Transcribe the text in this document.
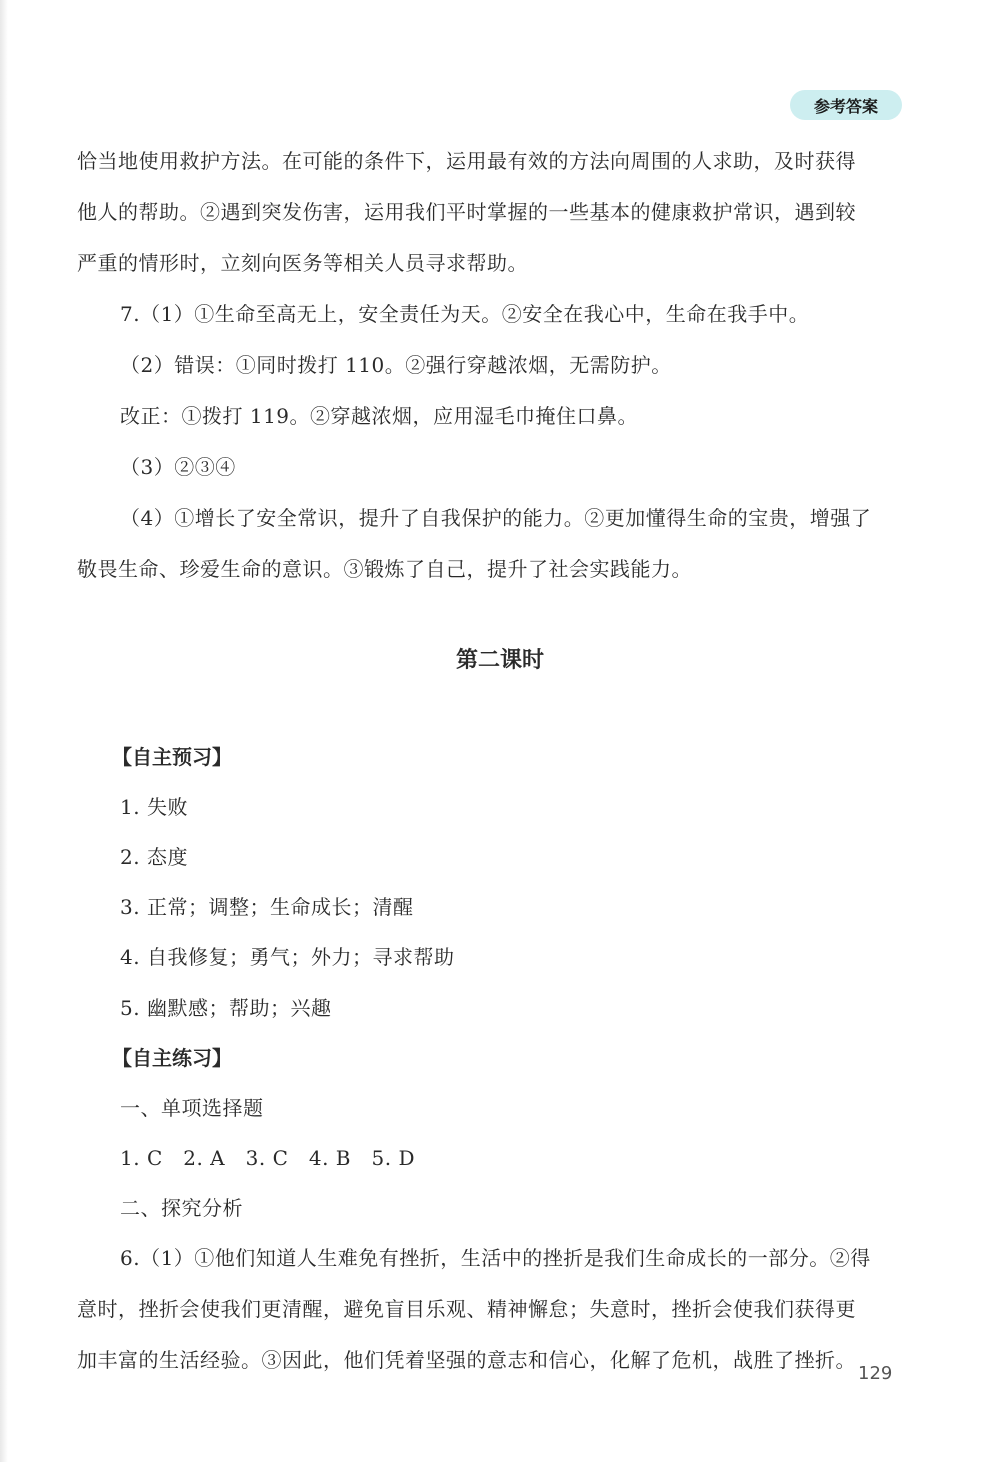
参考答案
恰当地使用救护方法。在可能的条件下，运用最有效的方法向周围的人求助，及时获得
他人的帮助。②遇到突发伤害，运用我们平时掌握的一些基本的健康救护常识，遇到较
严重的情形时，立刻向医务等相关人员寻求帮助。
7.（1）①生命至高无上，安全责任为天。②安全在我心中，生命在我手中。
（2）错误：①同时拨打 110。②强行穿越浓烟，无需防护。
改正：①拨打 119。②穿越浓烟，应用湿毛巾掩住口鼻。
（3）②③④
（4）①增长了安全常识，提升了自我保护的能力。②更加懂得生命的宝贵，增强了
敬畏生命、珍爱生命的意识。③锻炼了自己，提升了社会实践能力。
第二课时
【自主预习】
1. 失败
2. 态度
3. 正常；调整；生命成长；清醒
4. 自我修复；勇气；外力；寻求帮助
5. 幽默感；帮助；兴趣
【自主练习】
一、单项选择题
1. C　2. A　3. C　4. B　5. D
二、探究分析
6.（1）①他们知道人生难免有挫折，生活中的挫折是我们生命成长的一部分。②得
意时，挫折会使我们更清醒，避免盲目乐观、精神懈怠；失意时，挫折会使我们获得更
加丰富的生活经验。③因此，他们凭着坚强的意志和信心，化解了危机，战胜了挫折。
129
